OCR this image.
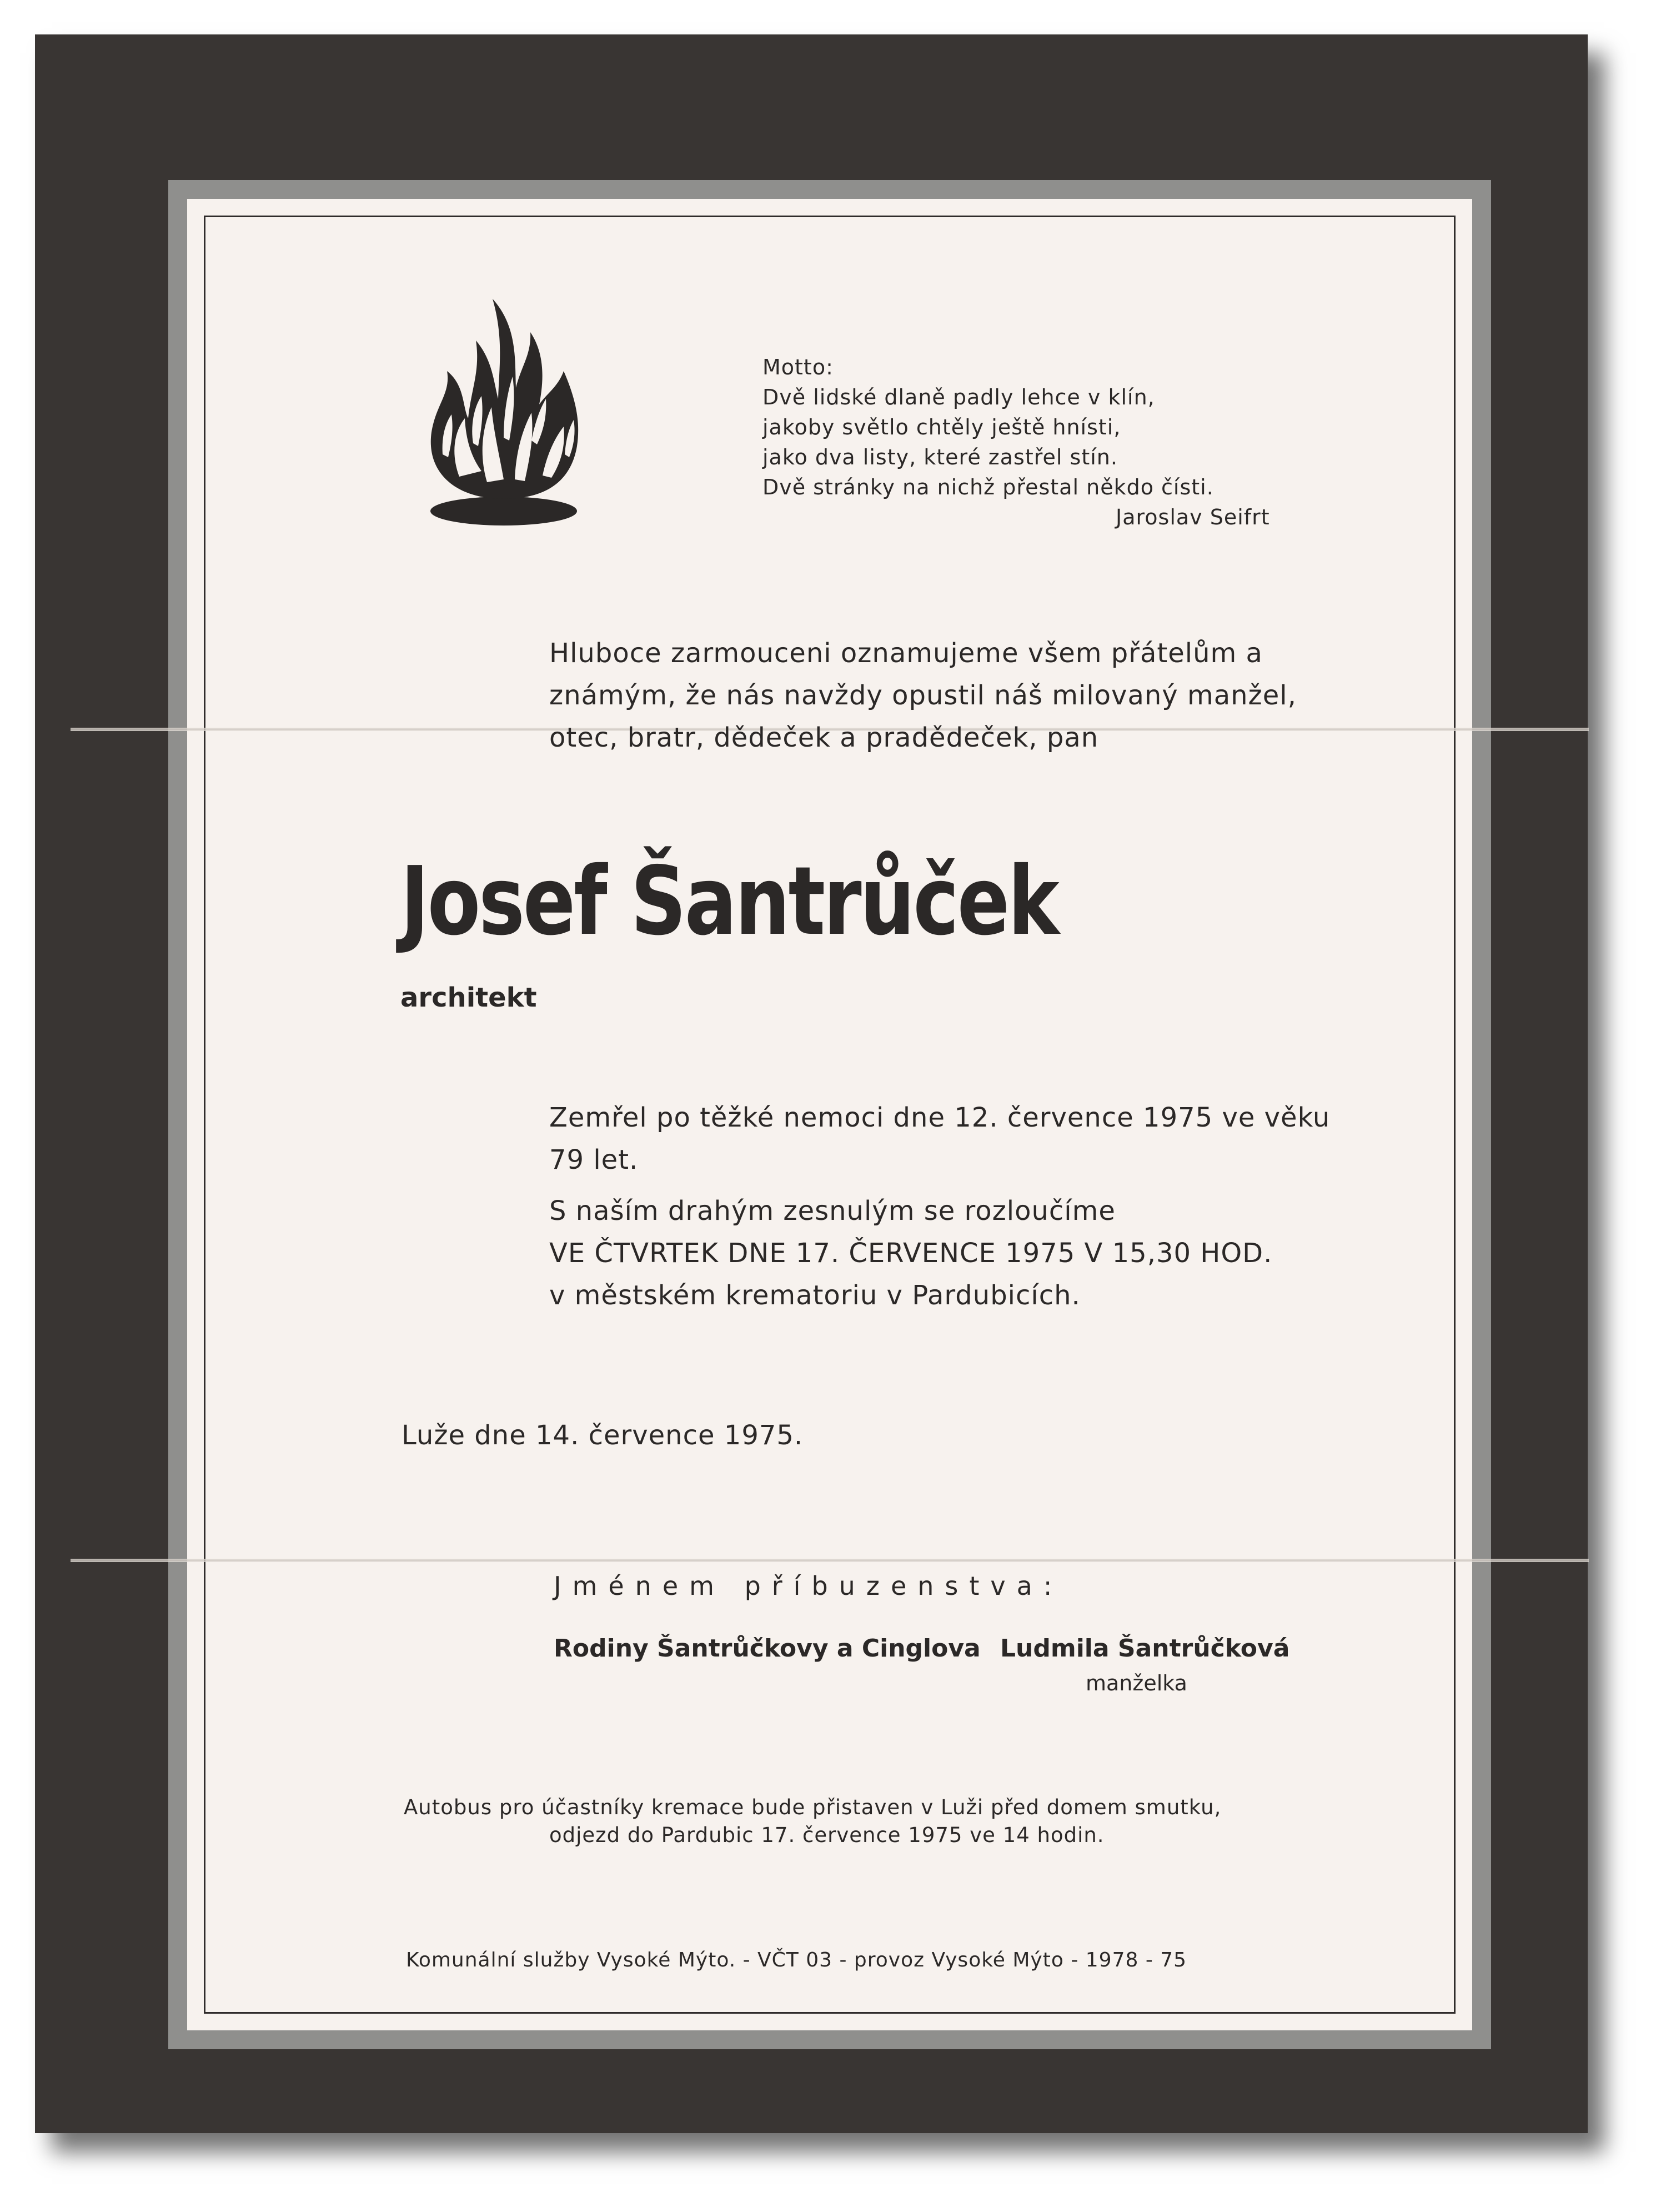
Motto:
Dvě lidské dlaně padly lehce v klín,
jakoby světlo chtěly ještě hnísti,
jako dva listy, které zastřel stín.
Dvě stránky na nichž přestal někdo čísti.
Jaroslav Seifrt
Hluboce zarmouceni oznamujeme všem přátelům a
známým, že nás navždy opustil náš milovaný manžel,
otec, bratr, dědeček a pradědeček, pan
Josef Šantrůček
architekt
Zemřel po těžké nemoci dne 12. července 1975 ve věku
79 let.
S naším drahým zesnulým se rozloučíme
VE ČTVRTEK DNE 17. ČERVENCE 1975 V 15,30 HOD.
v městském krematoriu v Pardubicích.
Luže dne 14. července 1975.
Jménem příbuzenstva:
Rodiny Šantrůčkovy a Cinglova Ludmila Šantrůčková
manželka
Autobus pro účastníky kremace bude přistaven v Luži před domem smutku,
odjezd do Pardubic 17. července 1975 ve 14 hodin.
Komunální služby Vysoké Mýto. - VČT 03 - provoz Vysoké Mýto - 1978 - 75
